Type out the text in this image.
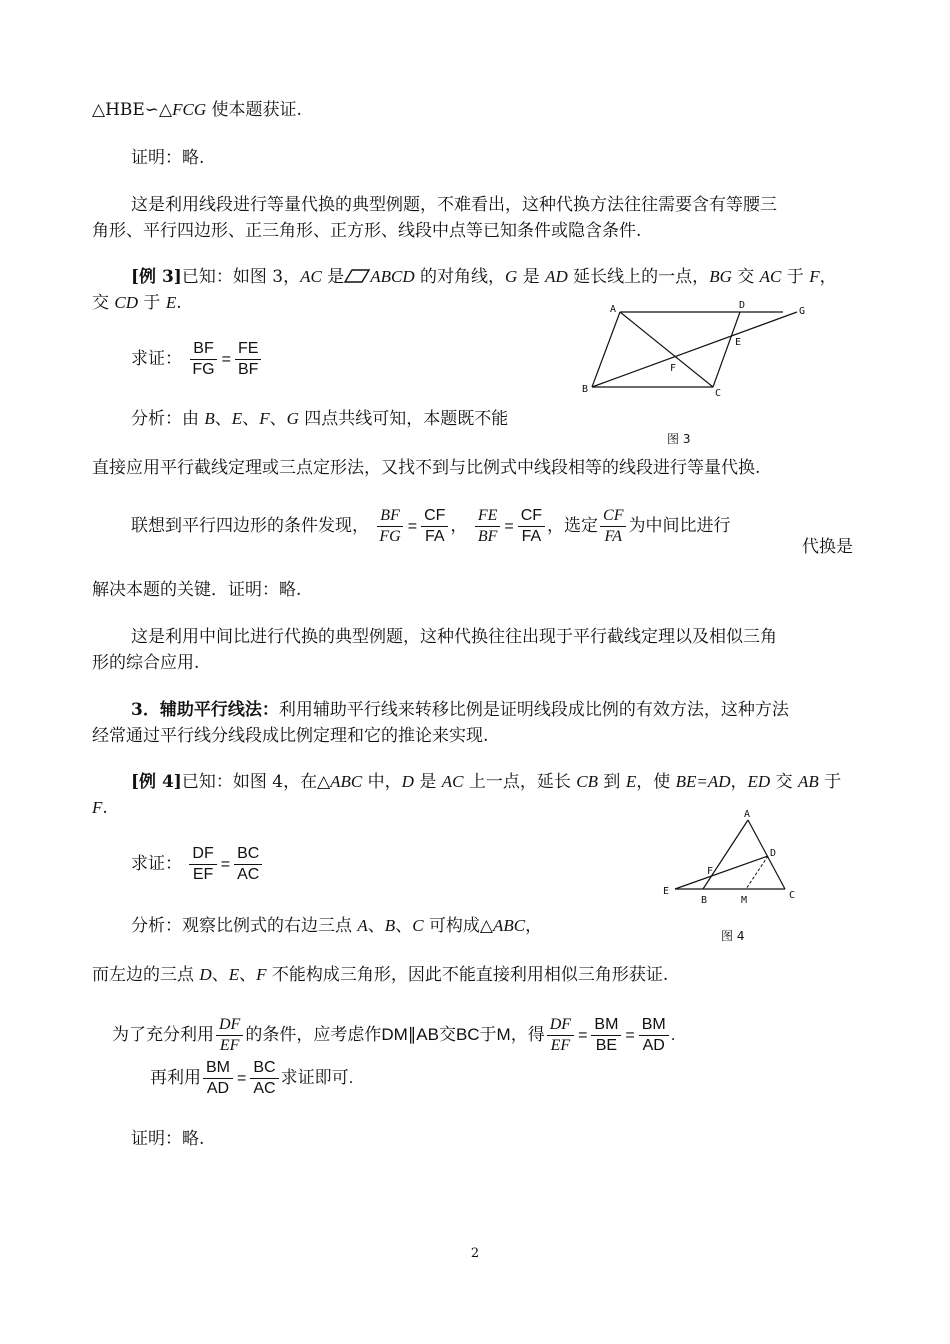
△HBE∽△FCG 使本题获证.
证明：略.
这是利用线段进行等量代换的典型例题，不难看出，这种代换方法往往需要含有等腰三
角形、平行四边形、正三角形、正方形、线段中点等已知条件或隐含条件.
[例 3]已知：如图 3，AC 是 ABCD 的对角线，G 是 AD 延长线上的一点，BG 交 AC 于 F，
交 CD 于 E.
求证： $\frac{BF}{FG} = \frac{FE}{BF}$
A	D
G
E
F
B	C
图 3
分析：由 B、E、F、G 四点共线可知，本题既不能
直接应用平行截线定理或三点定形法，又找不到与比例式中线段相等的线段进行等量代换.
联想到平行四边形的条件发现， $\frac{BF}{FG} = \frac{CF}{FA}$ ， $\frac{FE}{BF} = \frac{CF}{FA}$ ，选定 $\frac{CF}{FA}$ 为中间比进行
代换是
解决本题的关键．证明：略.
这是利用中间比进行代换的典型例题，这种代换往往出现于平行截线定理以及相似三角
形的综合应用.
3．辅助平行线法：利用辅助平行线来转移比例是证明线段成比例的有效方法，这种方法
经常通过平行线分线段成比例定理和它的推论来实现.
[例 4]已知：如图 4，在△ABC 中，D 是 AC 上一点，延长 CB 到 E，使 BE=AD，ED 交 AB 于
F.
求证： $\frac{DF}{EF} = \frac{BC}{AC}$
A
D
F
E
B	M	C
图 4
分析：观察比例式的右边三点 A、B、C 可构成△ABC，
而左边的三点 D、E、F 不能构成三角形，因此不能直接利用相似三角形获证.
为了充分利用 $\frac{DF}{EF}$ 的条件，应考虑作DM∥AB交BC于M，得 $\frac{DF}{EF} = \frac{BM}{BE} = \frac{BM}{AD}$ .
再利用 $\frac{BM}{AD} = \frac{BC}{AC}$ 求证即可.
证明：略.
2
